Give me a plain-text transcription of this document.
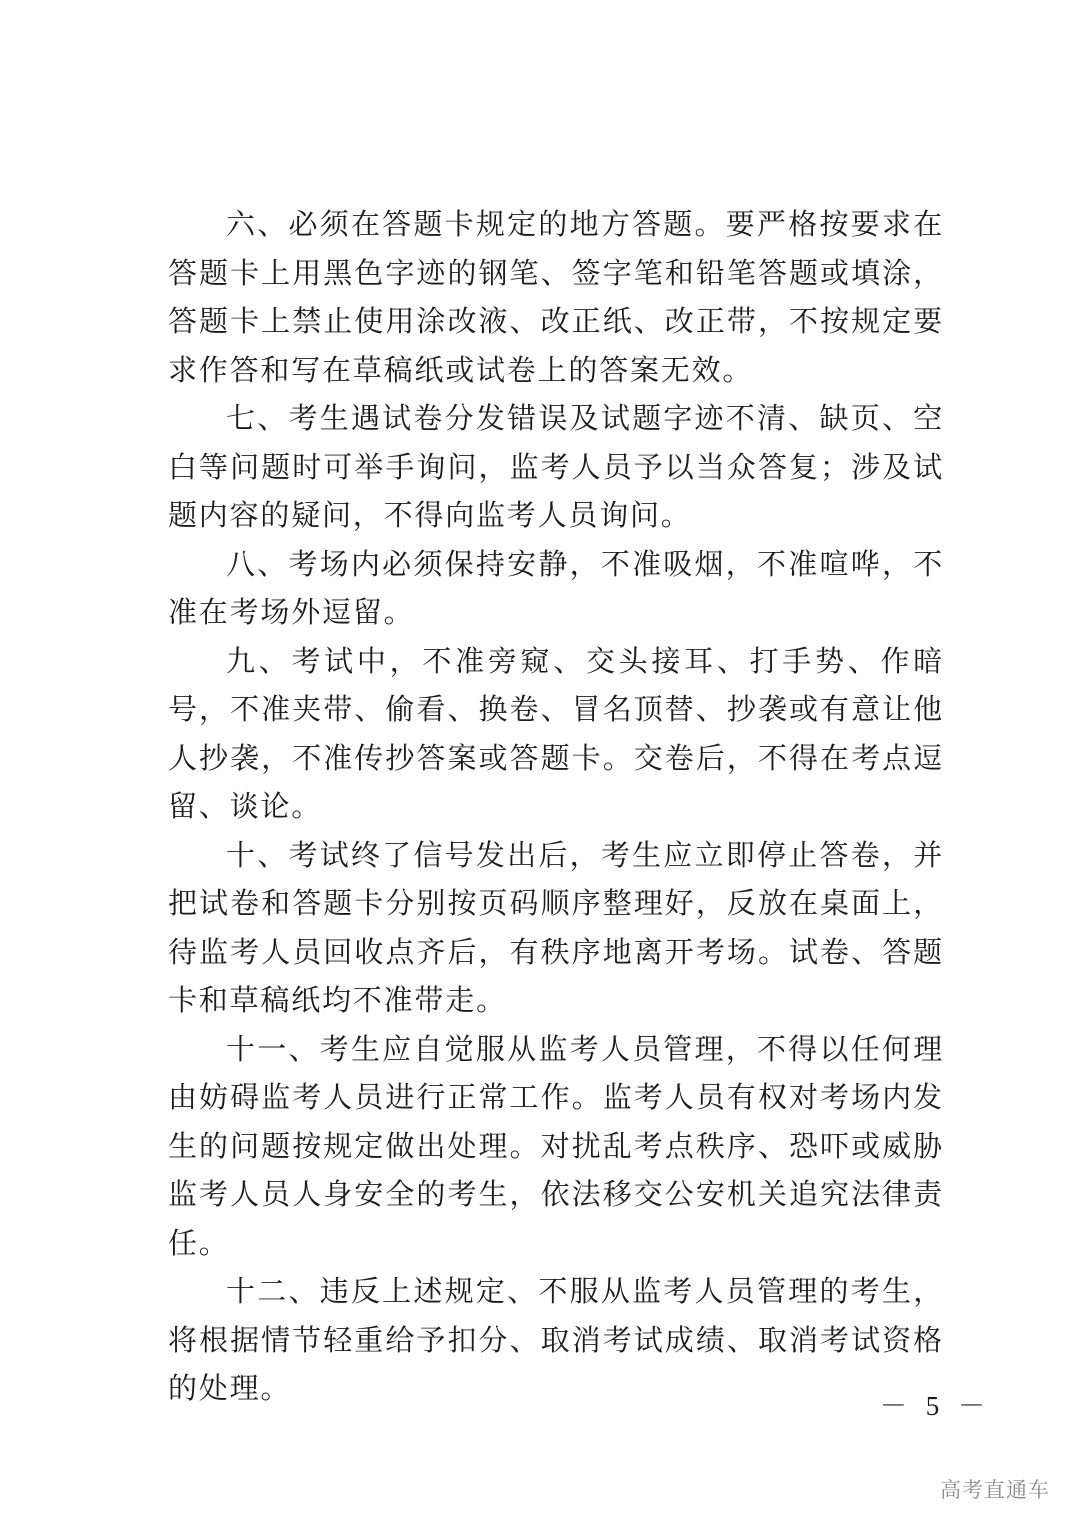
六、必须在答题卡规定的地方答题。要严格按要求在答题卡上用黑色字迹的钢笔、签字笔和铅笔答题或填涂，答题卡上禁止使用涂改液、改正纸、改正带，不按规定要求作答和写在草稿纸或试卷上的答案无效。

七、考生遇试卷分发错误及试题字迹不清、缺页、空白等问题时可举手询问，监考人员予以当众答复；涉及试题内容的疑问，不得向监考人员询问。

八、考场内必须保持安静，不准吸烟，不准喧哗，不准在考场外逗留。

九、考试中，不准旁窥、交头接耳、打手势、作暗号，不准夹带、偷看、换卷、冒名顶替、抄袭或有意让他人抄袭，不准传抄答案或答题卡。交卷后，不得在考点逗留、谈论。

十、考试终了信号发出后，考生应立即停止答卷，并把试卷和答题卡分别按页码顺序整理好，反放在桌面上，待监考人员回收点齐后，有秩序地离开考场。试卷、答题卡和草稿纸均不准带走。

十一、考生应自觉服从监考人员管理，不得以任何理由妨碍监考人员进行正常工作。监考人员有权对考场内发生的问题按规定做出处理。对扰乱考点秩序、恐吓或威胁监考人员人身安全的考生，依法移交公安机关追究法律责任。

十二、违反上述规定、不服从监考人员管理的考生，将根据情节轻重给予扣分、取消考试成绩、取消考试资格的处理。

－ 5 －
高考直通车
